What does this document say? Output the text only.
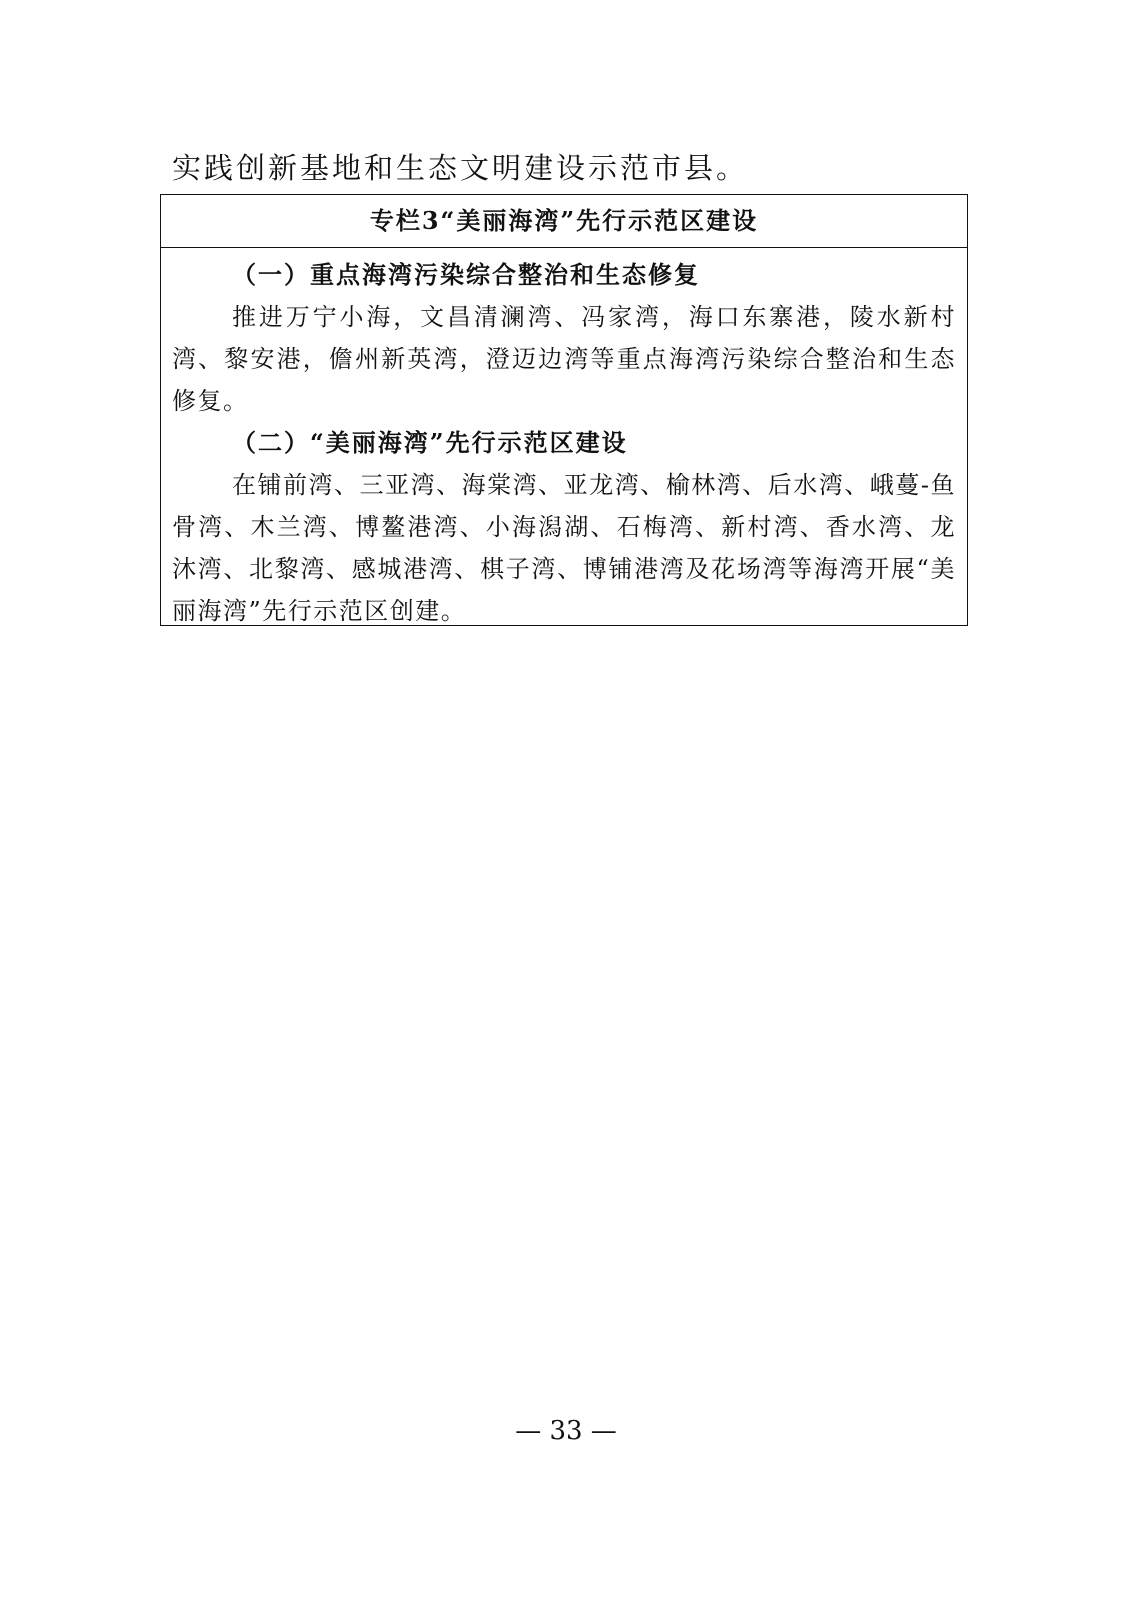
实践创新基地和生态文明建设示范市县。
专栏3“美丽海湾”先行示范区建设
（一）重点海湾污染综合整治和生态修复

推进万宁小海，文昌清澜湾、冯家湾，海口东寨港，陵水新村湾、黎安港，儋州新英湾，澄迈边湾等重点海湾污染综合整治和生态修复。

（二）“美丽海湾”先行示范区建设

在铺前湾、三亚湾、海棠湾、亚龙湾、榆林湾、后水湾、峨蔓-鱼骨湾、木兰湾、博鳌港湾、小海潟湖、石梅湾、新村湾、香水湾、龙沐湾、北黎湾、感城港湾、棋子湾、博铺港湾及花场湾等海湾开展“美丽海湾”先行示范区创建。

— 33 —
